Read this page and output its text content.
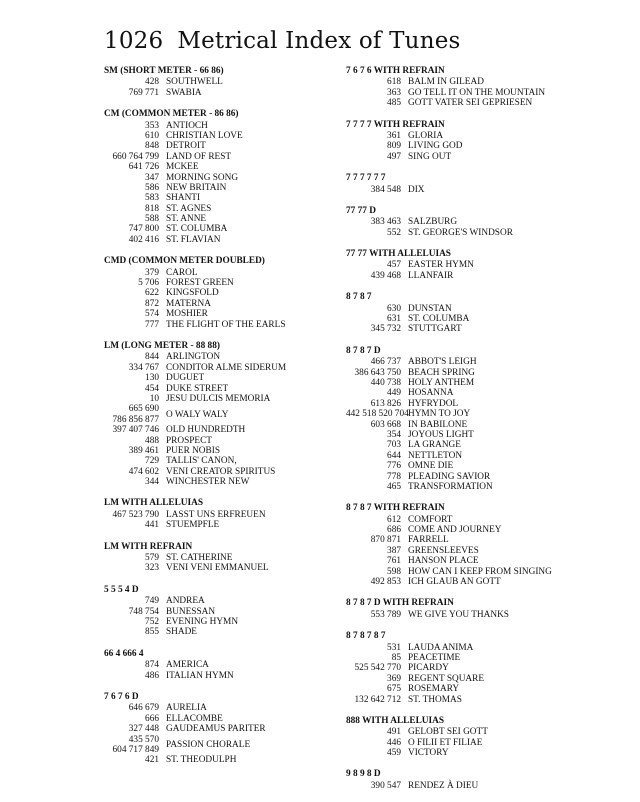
1026 Metrical Index of Tunes
SM (SHORT METER - 66 86)
428 SOUTHWELL
769 771 SWABIA
CM (COMMON METER - 86 86)
353 ANTIOCH
610 CHRISTIAN LOVE
848 DETROIT
660 764 799 LAND OF REST
641 726 MCKEE
347 MORNING SONG
586 NEW BRITAIN
583 SHANTI
818 ST. AGNES
588 ST. ANNE
747 800 ST. COLUMBA
402 416 ST. FLAVIAN
CMD (COMMON METER DOUBLED)
379 CAROL
5 706 FOREST GREEN
622 KINGSFOLD
872 MATERNA
574 MOSHIER
777 THE FLIGHT OF THE EARLS
LM (LONG METER - 88 88)
844 ARLINGTON
334 767 CONDITOR ALME SIDERUM
130 DUGUET
454 DUKE STREET
10 JESU DULCIS MEMORIA
665 690
786 856 877
O WALY WALY
397 407 746 OLD HUNDREDTH
488 PROSPECT
389 461 PUER NOBIS
729 TALLIS' CANON,
474 602 VENI CREATOR SPIRITUS
344 WINCHESTER NEW
LM WITH ALLELUIAS
467 523 790 LASST UNS ERFREUEN
441 STUEMPFLE
LM WITH REFRAIN
579 ST. CATHERINE
323 VENI VENI EMMANUEL
5 5 5 4 D
749 ANDREA
748 754 BUNESSAN
752 EVENING HYMN
855 SHADE
66 4 666 4
874 AMERICA
486 ITALIAN HYMN
7 6 7 6 D
646 679 AURELIA
666 ELLACOMBE
327 448 GAUDEAMUS PARITER
435 570
604 717 849
PASSION CHORALE
421 ST. THEODULPH
7 6 7 6 WITH REFRAIN
618 BALM IN GILEAD
363 GO TELL IT ON THE MOUNTAIN
485 GOTT VATER SEI GEPRIESEN
7 7 7 7 WITH REFRAIN
361 GLORIA
809 LIVING GOD
497 SING OUT
7 7 7 7 7 7
384 548 DIX
77 77 D
383 463 SALZBURG
552 ST. GEORGE'S WINDSOR
77 77 WITH ALLELUIAS
457 EASTER HYMN
439 468 LLANFAIR
8 7 8 7
630 DUNSTAN
631 ST. COLUMBA
345 732 STUTTGART
8 7 8 7 D
466 737 ABBOT'S LEIGH
386 643 750 BEACH SPRING
440 738 HOLY ANTHEM
449 HOSANNA
613 826 HYFRYDOL
442 518 520 704 HYMN TO JOY
603 668 IN BABILONE
354 JOYOUS LIGHT
703 LA GRANGE
644 NETTLETON
776 OMNE DIE
778 PLEADING SAVIOR
465 TRANSFORMATION
8 7 8 7 WITH REFRAIN
612 COMFORT
686 COME AND JOURNEY
870 871 FARRELL
387 GREENSLEEVES
761 HANSON PLACE
598 HOW CAN I KEEP FROM SINGING
492 853 ICH GLAUB AN GOTT
8 7 8 7 D WITH REFRAIN
553 789 WE GIVE YOU THANKS
8 7 8 7 8 7
531 LAUDA ANIMA
85 PEACETIME
525 542 770 PICARDY
369 REGENT SQUARE
675 ROSEMARY
132 642 712 ST. THOMAS
888 WITH ALLELUIAS
491 GELOBT SEI GOTT
446 O FILII ET FILIAE
459 VICTORY
9 8 9 8 D
390 547 RENDEZ À DIEU
